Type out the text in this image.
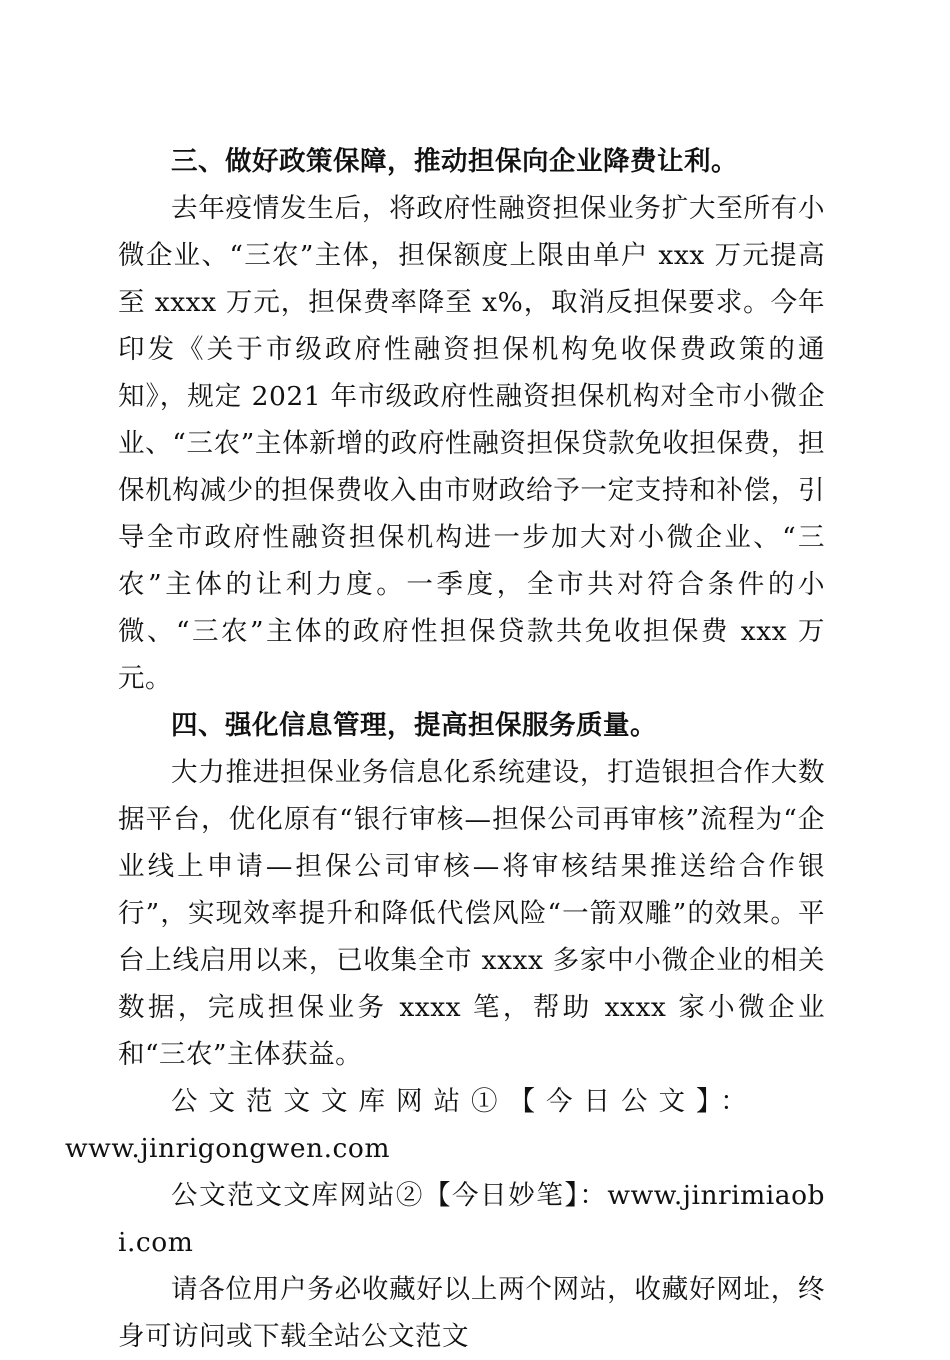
三、做好政策保障，推动担保向企业降费让利。

去年疫情发生后，将政府性融资担保业务扩大至所有小微企业、“三农”主体，担保额度上限由单户 xxx 万元提高至 xxxx 万元，担保费率降至 x%，取消反担保要求。今年印发《关于市级政府性融资担保机构免收保费政策的通知》，规定 2021 年市级政府性融资担保机构对全市小微企业、“三农”主体新增的政府性融资担保贷款免收担保费，担保机构减少的担保费收入由市财政给予一定支持和补偿，引导全市政府性融资担保机构进一步加大对小微企业、“三农”主体的让利力度。一季度，全市共对符合条件的小微、“三农”主体的政府性担保贷款共免收担保费 xxx 万元。

四、强化信息管理，提高担保服务质量。

大力推进担保业务信息化系统建设，打造银担合作大数据平台，优化原有“银行审核—担保公司再审核”流程为“企业线上申请—担保公司审核—将审核结果推送给合作银行”，实现效率提升和降低代偿风险“一箭双雕”的效果。平台上线启用以来，已收集全市 xxxx 多家中小微企业的相关数据，完成担保业务 xxxx 笔，帮助 xxxx 家小微企业和“三农”主体获益。

公文范文文库网站①【今日公文】：
www.jinrigongwen.com

公文范文文库网站②【今日妙笔】：www.jinrimiaobi.com

请各位用户务必收藏好以上两个网站，收藏好网址，终身可访问或下载全站公文范文
